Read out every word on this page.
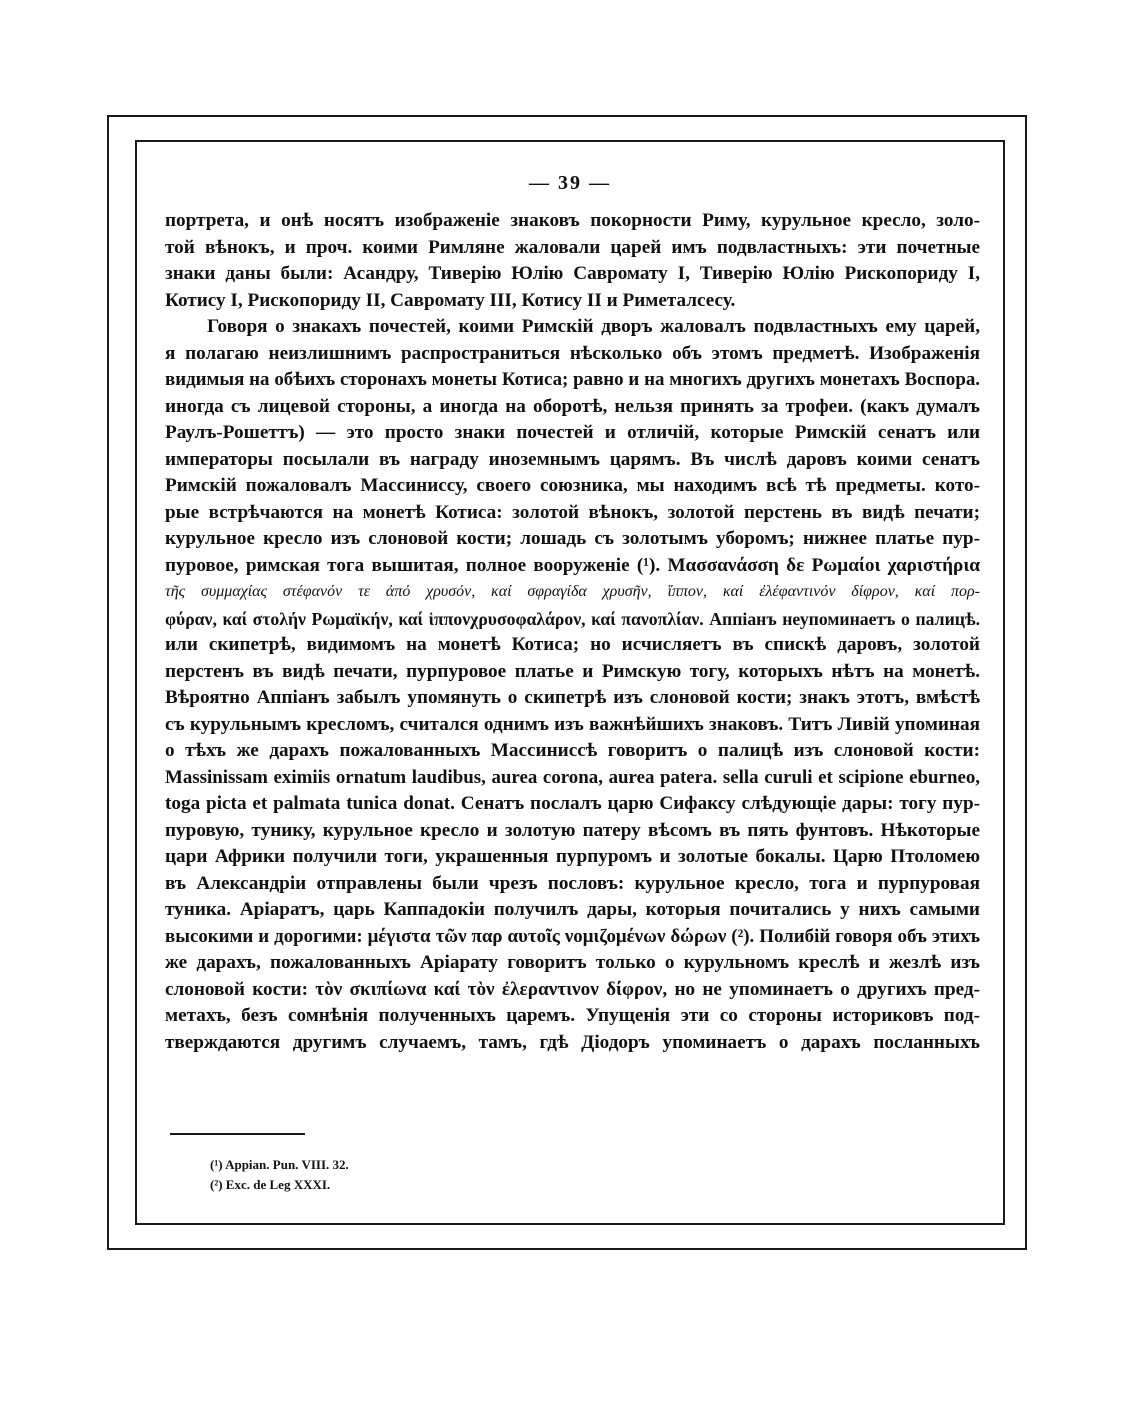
— 39 —
портрета, и онѣ носятъ изображеніе знаковъ покорности Риму, курульное кресло, золо-
той вѣнокъ, и проч. коими Римляне жаловали царей имъ подвластныхъ: эти почетные
знаки даны были: Асандру, Тиверію Юлію Савромату I, Тиверію Юлію Рископориду I,
Котису I, Рископориду II, Савромату III, Котису II и Риметалсесу.
Говоря о знакахъ почестей, коими Римскій дворъ жаловалъ подвластныхъ ему царей,
я полагаю неизлишнимъ распространиться нѣсколько объ этомъ предметѣ. Изображенія
видимыя на обѣихъ сторонахъ монеты Котиса; равно и на многихъ другихъ монетахъ Воспора.
иногда съ лицевой стороны, а иногда на оборотѣ, нельзя принять за трофеи. (какъ думалъ
Раулъ-Рошеттъ) — это просто знаки почестей и отличій, которые Римскій сенатъ или
императоры посылали въ награду иноземнымъ царямъ. Въ числѣ даровъ коими сенатъ
Римскій пожаловалъ Массиниссу, своего союзника, мы находимъ всѣ тѣ предметы. кото-
рые встрѣчаются на монетѣ Котиса: золотой вѣнокъ, золотой перстень въ видѣ печати;
курульное кресло изъ слоновой кости; лошадь съ золотымъ уборомъ; нижнее платье пур-
пуровое, римская тога вышитая, полное вооруженіе (¹). Μασσανάσση δε Ρωμαίοι χαριστήρια
τῆς συμμαχίας στέφανόν τε ἀπό χρυσόν, καί σφραγίδα χρυσῆν, ἵππον, καί ἐλέφαντινόν δίφρον, καί πορ-
φύραν, καί στολήν Ρωμαϊκήν, καί ἱππονχρυσοφαλάρον, καί πανοπλίαν. Аппіанъ неупоминаетъ о палицѣ.
или скипетрѣ, видимомъ на монетѣ Котиса; но исчисляетъ въ спискѣ даровъ, золотой
перстенъ въ видѣ печати, пурпуровое платье и Римскую тогу, которыхъ нѣтъ на монетѣ.
Вѣроятно Аппіанъ забылъ упомянуть о скипетрѣ изъ слоновой кости; знакъ этотъ, вмѣстѣ
съ курульнымъ кресломъ, считался однимъ изъ важнѣйшихъ знаковъ. Титъ Ливій упоминая
о тѣхъ же дарахъ пожалованныхъ Массиниссѣ говоритъ о палицѣ изъ слоновой кости:
Massinissam eximiis ornatum laudibus, aurea corona, aurea patera. sella curuli et scipione eburneo,
toga picta et palmata tunica donat. Сенатъ послалъ царю Сифаксу слѣдующіе дары: тогу пур-
пуровую, тунику, курульное кресло и золотую патеру вѣсомъ въ пять фунтовъ. Нѣкоторые
цари Африки получили тоги, украшенныя пурпуромъ и золотые бокалы. Царю Птоломею
въ Александріи отправлены были чрезъ пословъ: курульное кресло, тога и пурпуровая
туника. Аріаратъ, царь Каппадокіи получилъ дары, которыя почитались у нихъ самыми
высокими и дорогими: μέγιστα τῶν παρ αυτοῖς νομιζομένων δώρων (²). Полибій говоря объ этихъ
же дарахъ, пожалованныхъ Аріарату говоритъ только о курульномъ креслѣ и жезлѣ изъ
слоновой кости: τὸν σκιπίωνα καί τὸν ἐλεραντινον δίφρον, но не упоминаетъ о другихъ пред-
метахъ, безъ сомнѣнія полученныхъ царемъ. Упущенія эти со стороны историковъ под-
тверждаются другимъ случаемъ, тамъ, гдѣ Діодоръ упоминаетъ о дарахъ посланныхъ
(¹) Appian. Pun. VIII. 32.
(²) Exc. de Leg XXXI.
